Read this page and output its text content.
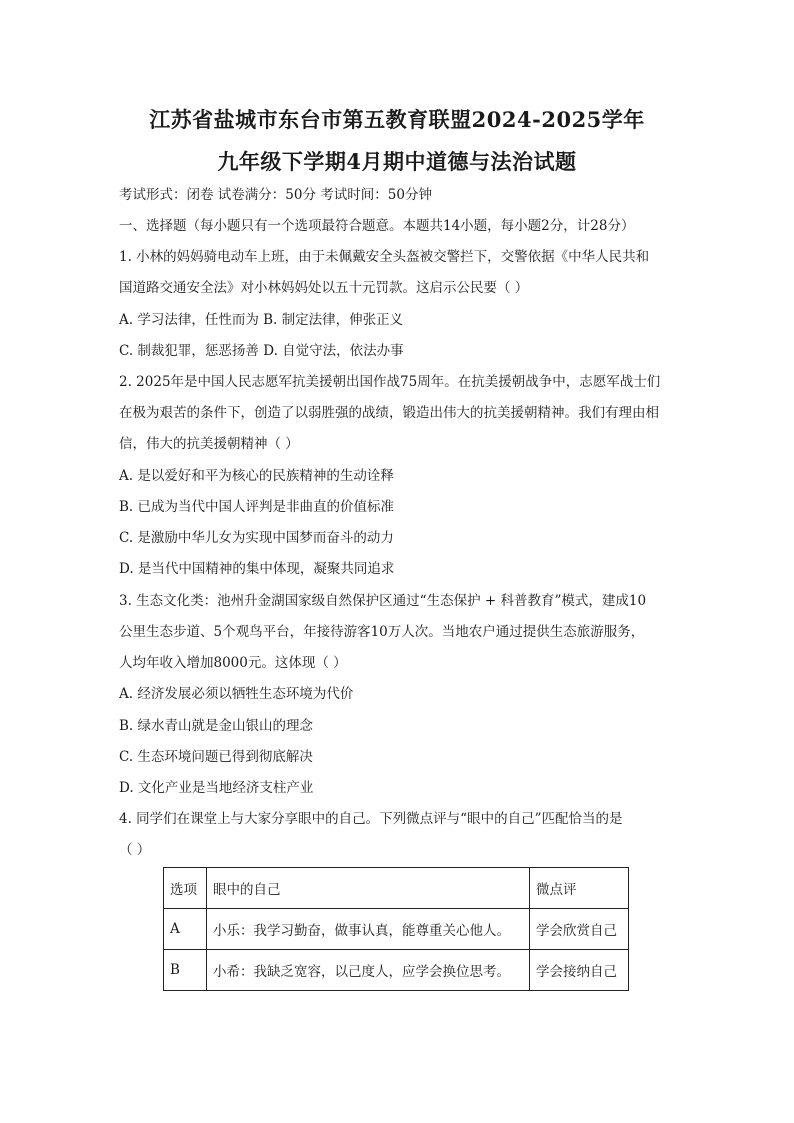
江苏省盐城市东台市第五教育联盟2024-2025学年
九年级下学期4月期中道德与法治试题
考试形式：闭卷 试卷满分：50分 考试时间：50分钟
一、选择题（每小题只有一个选项最符合题意。本题共14小题，每小题2分，计28分）
1. 小林的妈妈骑电动车上班，由于未佩戴安全头盔被交警拦下，交警依据《中华人民共和
国道路交通安全法》对小林妈妈处以五十元罚款。这启示公民要（ ）
A. 学习法律，任性而为 B. 制定法律，伸张正义
C. 制裁犯罪，惩恶扬善 D. 自觉守法，依法办事
2. 2025年是中国人民志愿军抗美援朝出国作战75周年。在抗美援朝战争中，志愿军战士们
在极为艰苦的条件下，创造了以弱胜强的战绩，锻造出伟大的抗美援朝精神。我们有理由相
信，伟大的抗美援朝精神（ ）
A. 是以爱好和平为核心的民族精神的生动诠释
B. 已成为当代中国人评判是非曲直的价值标准
C. 是激励中华儿女为实现中国梦而奋斗的动力
D. 是当代中国精神的集中体现，凝聚共同追求
3. 生态文化类：池州升金湖国家级自然保护区通过“生态保护 + 科普教育”模式，建成10
公里生态步道、5个观鸟平台，年接待游客10万人次。当地农户通过提供生态旅游服务，
人均年收入增加8000元。这体现（ ）
A. 经济发展必须以牺牲生态环境为代价
B. 绿水青山就是金山银山的理念
C. 生态环境问题已得到彻底解决
D. 文化产业是当地经济支柱产业
4. 同学们在课堂上与大家分享眼中的自己。下列微点评与“眼中的自己”匹配恰当的是
（ ）
选项	眼中的自己	微点评
A	小乐：我学习勤奋，做事认真，能尊重关心他人。	学会欣赏自己
B	小希：我缺乏宽容，以己度人，应学会换位思考。	学会接纳自己
